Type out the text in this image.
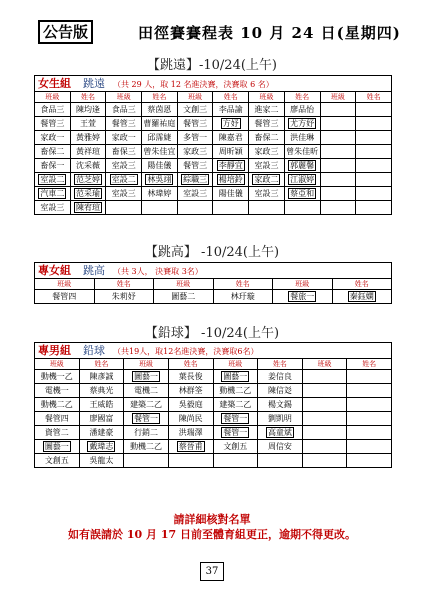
公告版	田徑賽賽程表 10 月 24 日(星期四)
【跳遠】-10/24(上午)
女生組 跳遠 （共 29 人，取 12 名進決賽，決賽取 6 名）
班級	姓名	班級	姓名	班級	姓名	班級	姓名	班級	姓名
食品三	陳均逢	食品三	蔡茵恩	文創三	李品諭	進家二	廖品怡		
餐管三	王萱	餐管三	曹羅祐庭	餐管三	方妤	餐管三	尤方妤		
家政一	黃雅婷	家政一	邱霈婕	多管一	陳嘉君	畜保二	洪佳琳		
畜保二	黃祥瑄	畜保三	曾朱佳宜	家政三	周昕穎	家政三	曾朱佳昕		
畜保一	沈采薇	室設三	陽佳儀	餐管三	李靜宜	室設三	郭麗馨		
室設二	范芝婷	室設二	林吳翊	綜職三	楊培鈴	家政二	江淑婷		
汽車二	范采瑜	室設三	林瑋婷	室設三	陽佳儀	室設三	蔡亞和		
室設三	陳宥瑄								
【跳高】 -10/24(上午)
專女組 跳高 （共 3人， 決賽取 3名）
班級	姓名	班級	姓名	班級	姓名
餐管四	朱莉妤	圖藝二	林玗璇	餐旅一	秦鈺嫻
【鉛球】 -10/24(上午)
專男組 鉛球 （共19人，取12名進決賽，決賽取6名）
班級	姓名	班級	姓名	班級	姓名	班級	姓名
動機一乙	陳彥誠	圖藝一	葉長俊	圖藝一	姜信良		
電機一	蔡典光	電機二	林群筌	動機二乙	陳信彣		
動機二乙	王威皓	建築二乙	吳毅庭	建築二乙	楊文錫		
餐管四	廖國富	餐管一	陳尚民	餐管一	劉凱明		
資管二	潘建豪	行銷二	洪瑞澤	餐管一	高童斌		
圖藝一	戴瑋志	動機二乙	蔡晉甫	文創五	周信安		
文創五	吳龍太						
請詳細核對名單
如有誤請於 10 月 17 日前至體育組更正，逾期不得更改。
37
